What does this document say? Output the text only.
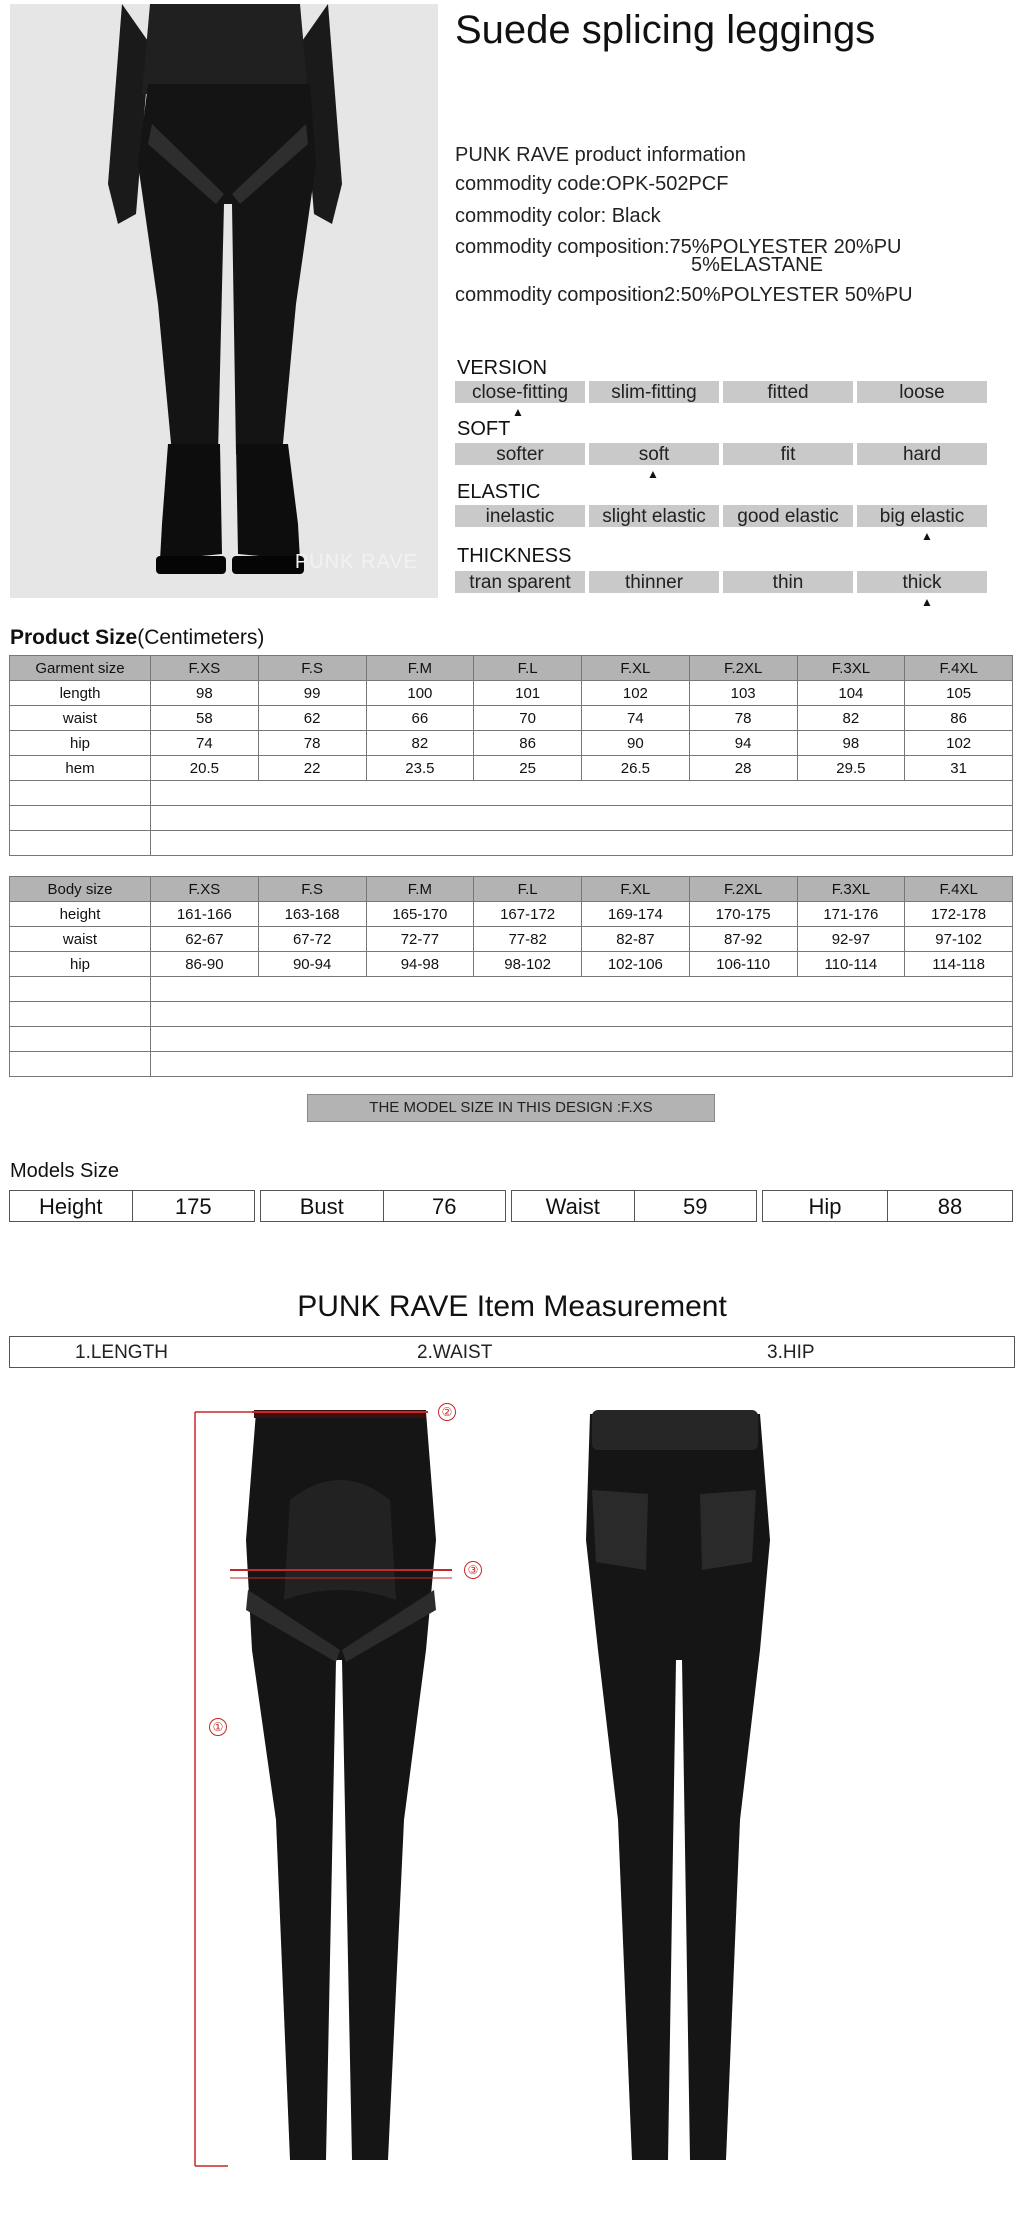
PUNK RAVE
Suede splicing leggings
PUNK RAVE product information
commodity code:OPK-502PCF
commodity color: Black
commodity composition:75%POLYESTER 20%PU
5%ELASTANE
commodity composition2:50%POLYESTER 50%PU
VERSION
close-fitting	slim-fitting	fitted	loose
▲
SOFT
softer	soft	fit	hard
▲
ELASTIC
inelastic	slight elastic	good elastic	big elastic
▲
THICKNESS
tran sparent	thinner	thin	thick
▲
Product Size(Centimeters)
Garment size	F.XS	F.S	F.M	F.L	F.XL	F.2XL	F.3XL	F.4XL
length	98	99	100	101	102	103	104	105
waist	58	62	66	70	74	78	82	86
hip	74	78	82	86	90	94	98	102
hem	20.5	22	23.5	25	26.5	28	29.5	31

Body size	F.XS	F.S	F.M	F.L	F.XL	F.2XL	F.3XL	F.4XL
height	161-166	163-168	165-170	167-172	169-174	170-175	171-176	172-178
waist	62-67	67-72	72-77	77-82	82-87	87-92	92-97	97-102
hip	86-90	90-94	94-98	98-102	102-106	106-110	110-114	114-118

THE MODEL SIZE IN THIS DESIGN :F.XS
Models Size
Height	175	Bust	76	Waist	59	Hip	88
PUNK RAVE Item Measurement
1.LENGTH	2.WAIST	3.HIP
①
②
③
